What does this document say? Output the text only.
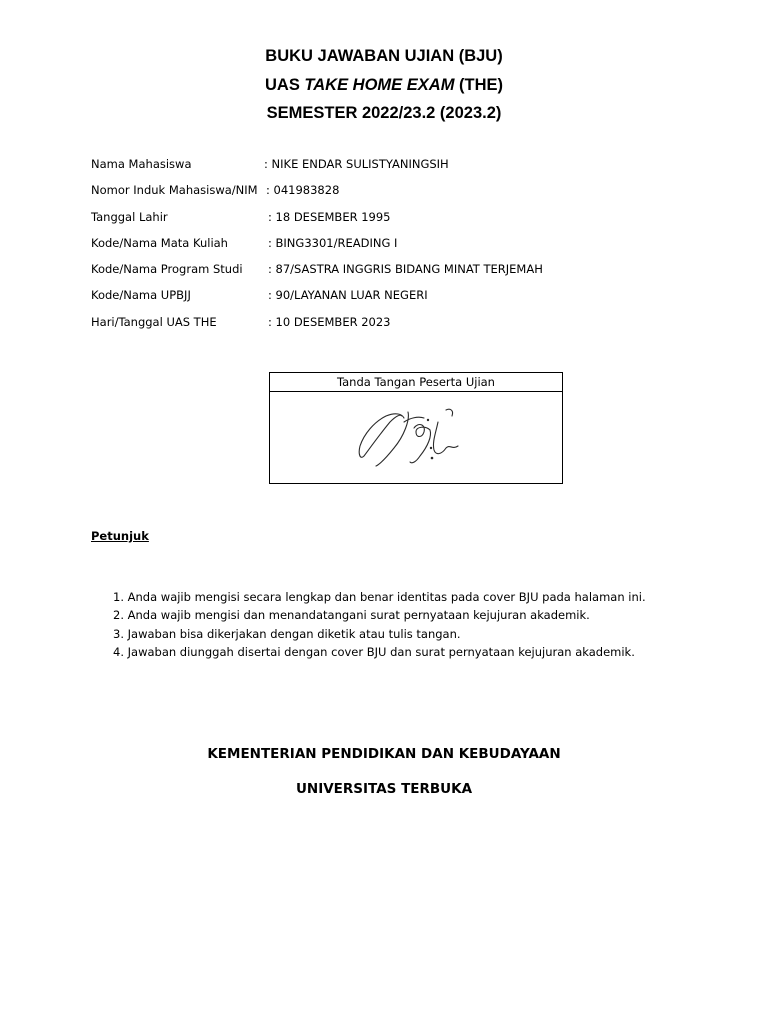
BUKU JAWABAN UJIAN (BJU)
UAS TAKE HOME EXAM (THE)
SEMESTER 2022/23.2 (2023.2)
Nama Mahasiswa	: NIKE ENDAR SULISTYANINGSIH
Nomor Induk Mahasiswa/NIM : 041983828
Tanggal Lahir	: 18 DESEMBER 1995
Kode/Nama Mata Kuliah	: BING3301/READING I
Kode/Nama Program Studi : 87/SASTRA INGGRIS BIDANG MINAT TERJEMAH
Kode/Nama UPBJJ	: 90/LAYANAN LUAR NEGERI
Hari/Tanggal UAS THE	: 10 DESEMBER 2023
Tanda Tangan Peserta Ujian
Petunjuk
1. Anda wajib mengisi secara lengkap dan benar identitas pada cover BJU pada halaman ini.
2. Anda wajib mengisi dan menandatangani surat pernyataan kejujuran akademik.
3. Jawaban bisa dikerjakan dengan diketik atau tulis tangan.
4. Jawaban diunggah disertai dengan cover BJU dan surat pernyataan kejujuran akademik.
KEMENTERIAN PENDIDIKAN DAN KEBUDAYAAN
UNIVERSITAS TERBUKA
